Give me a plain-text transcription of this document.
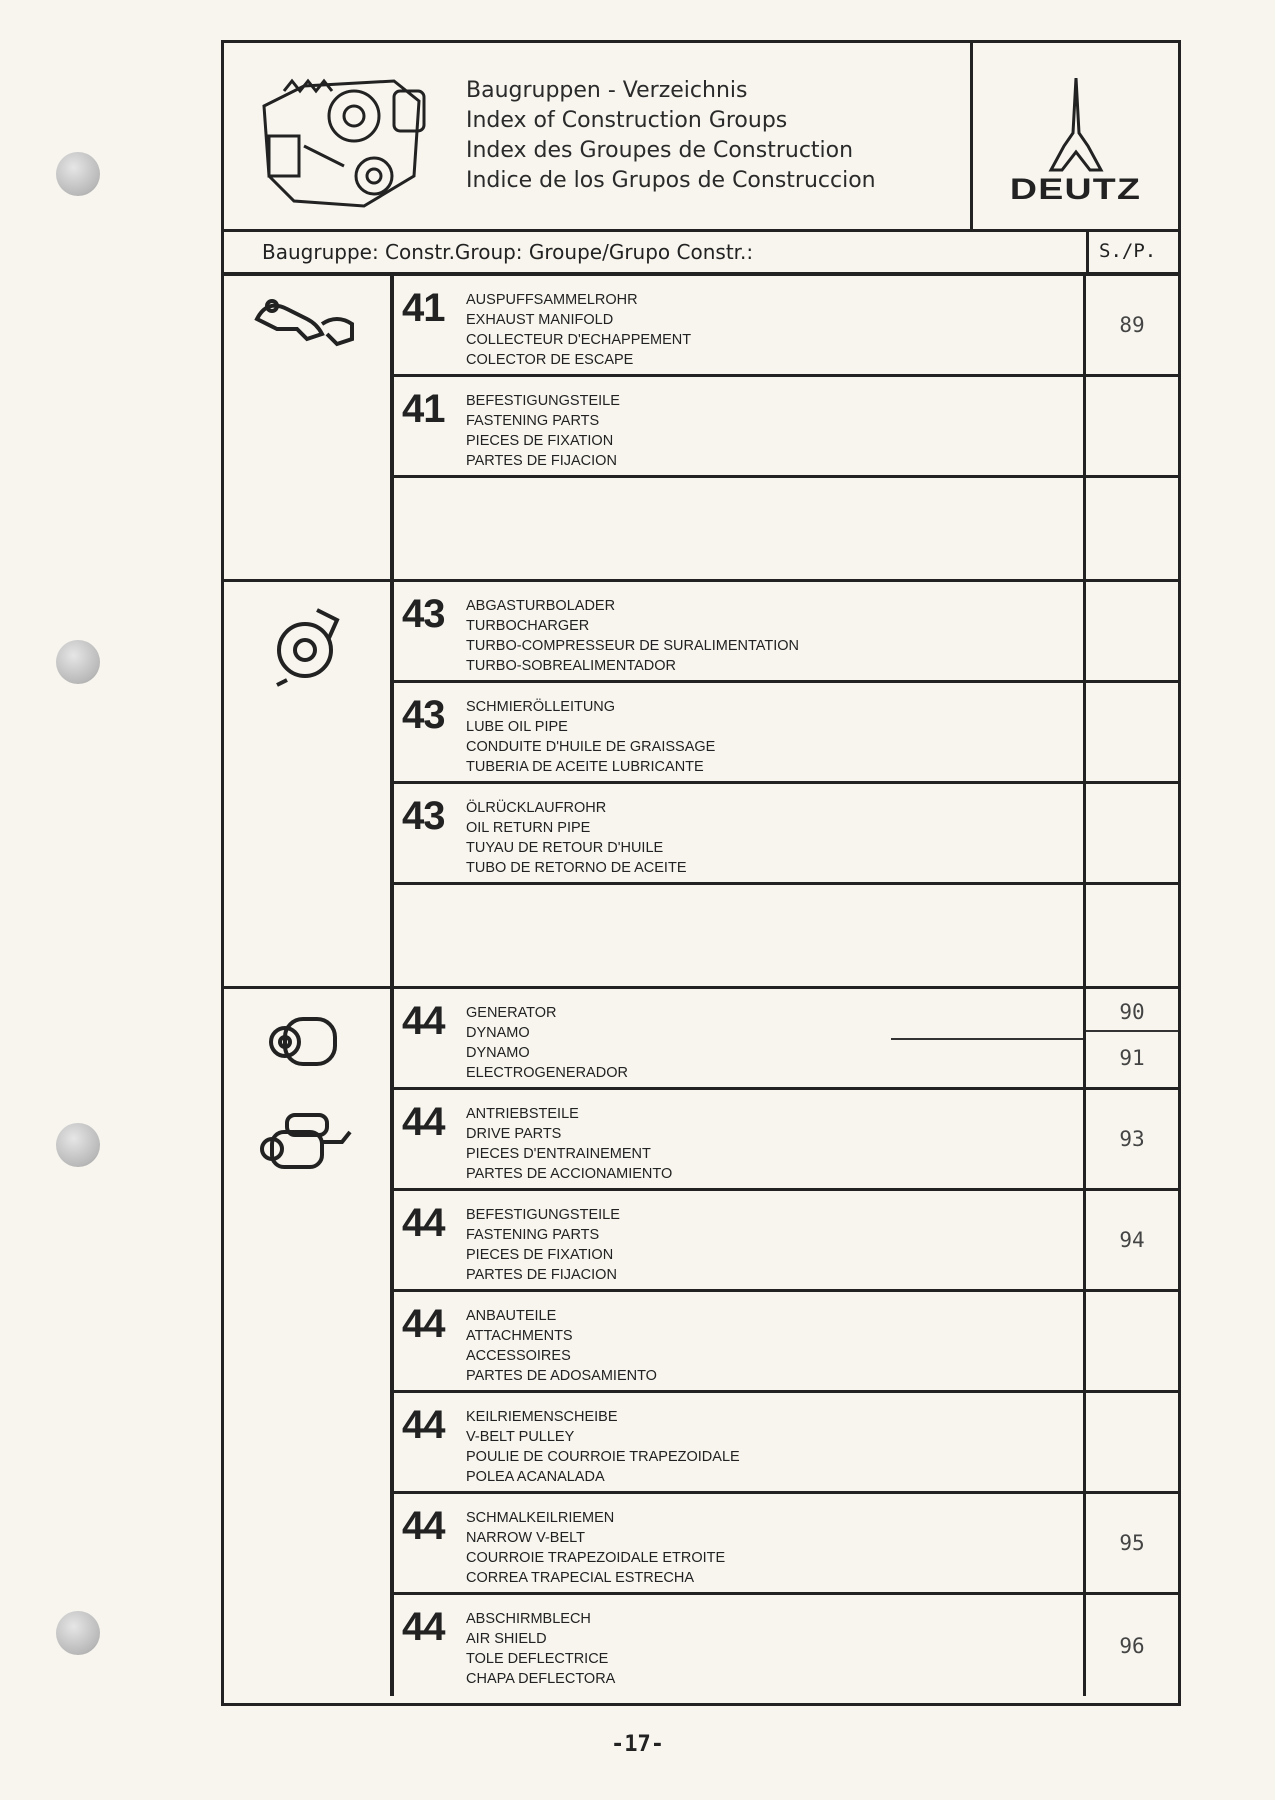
Baugruppen - Verzeichnis
Index of Construction Groups
Index des Groupes de Construction
Indice de los Grupos de Construccion	DEUTZ
Baugruppe: Constr.Group: Groupe/Grupo Constr.:	S./P.
41	AUSPUFFSAMMELROHR
EXHAUST MANIFOLD
COLLECTEUR D'ECHAPPEMENT
COLECTOR DE ESCAPE
89
41	BEFESTIGUNGSTEILE
FASTENING PARTS
PIECES DE FIXATION
PARTES DE FIJACION
43	ABGASTURBOLADER
TURBOCHARGER
TURBO-COMPRESSEUR DE SURALIMENTATION
TURBO-SOBREALIMENTADOR
43	SCHMIERÖLLEITUNG
LUBE OIL PIPE
CONDUITE D'HUILE DE GRAISSAGE
TUBERIA DE ACEITE LUBRICANTE
43	ÖLRÜCKLAUFROHR
OIL RETURN PIPE
TUYAU DE RETOUR D'HUILE
TUBO DE RETORNO DE ACEITE
44	GENERATOR
DYNAMO
DYNAMO
ELECTROGENERADOR
90
91
44	ANTRIEBSTEILE
DRIVE PARTS
PIECES D'ENTRAINEMENT
PARTES DE ACCIONAMIENTO
93
44	BEFESTIGUNGSTEILE
FASTENING PARTS
PIECES DE FIXATION
PARTES DE FIJACION
94
44	ANBAUTEILE
ATTACHMENTS
ACCESSOIRES
PARTES DE ADOSAMIENTO
44	KEILRIEMENSCHEIBE
V-BELT PULLEY
POULIE DE COURROIE TRAPEZOIDALE
POLEA ACANALADA
44	SCHMALKEILRIEMEN
NARROW V-BELT
COURROIE TRAPEZOIDALE ETROITE
CORREA TRAPECIAL ESTRECHA
95
44	ABSCHIRMBLECH
AIR SHIELD
TOLE DEFLECTRICE
CHAPA DEFLECTORA
96
-17-
